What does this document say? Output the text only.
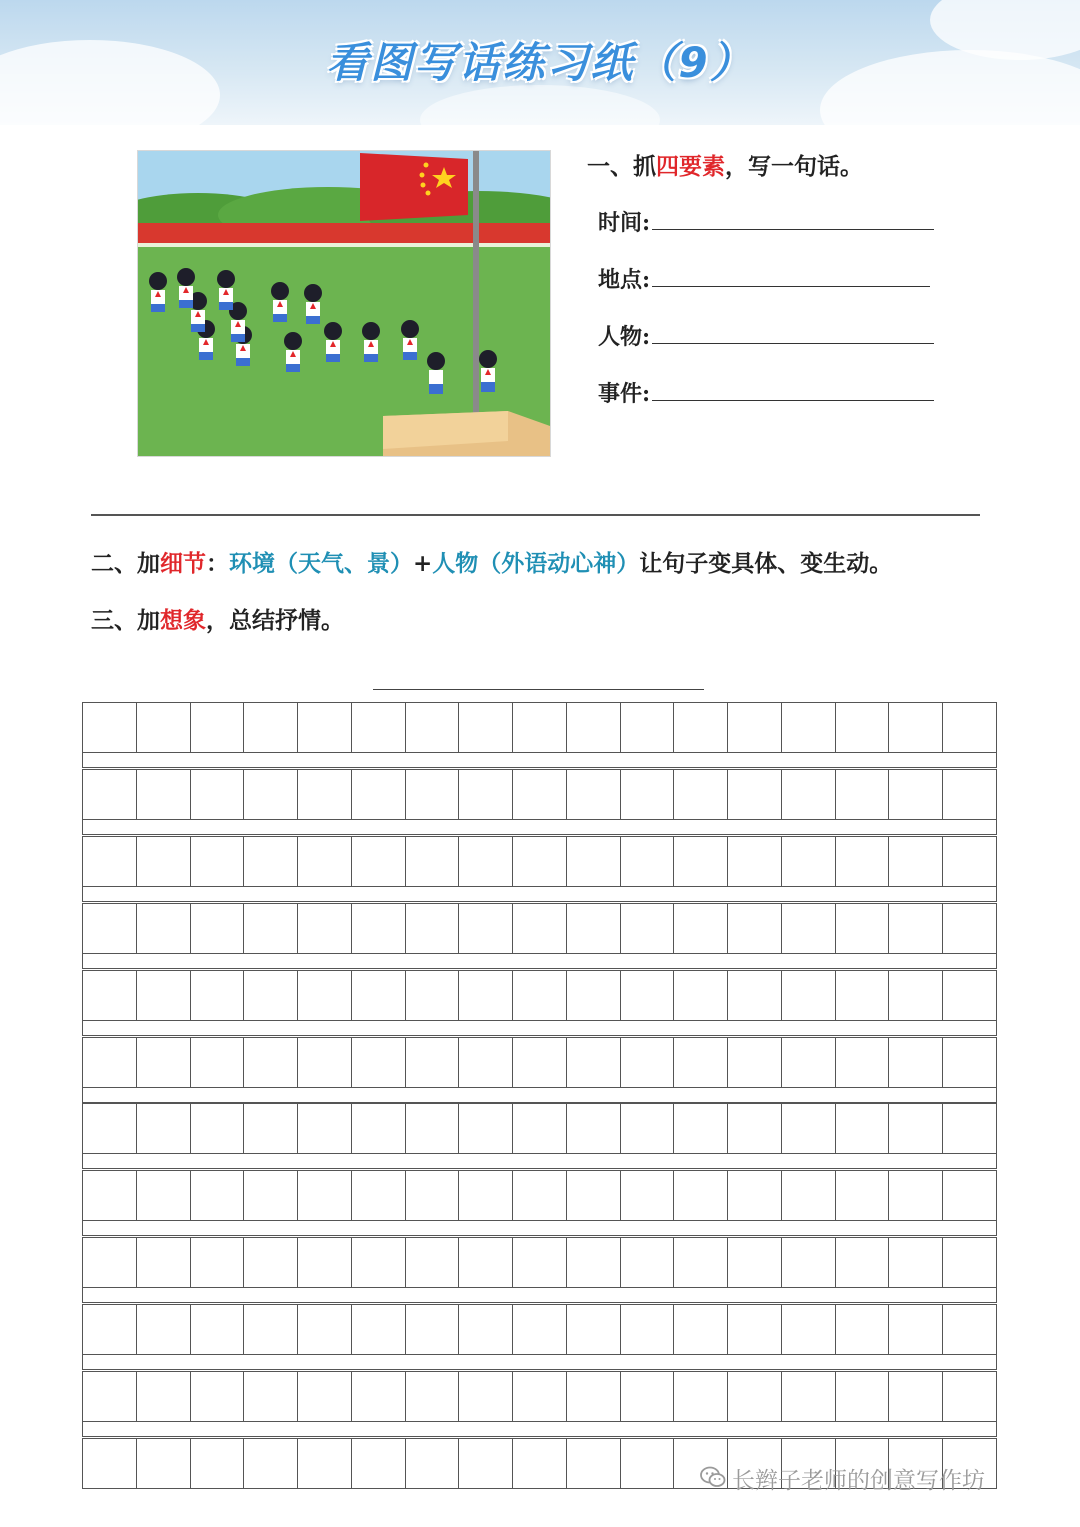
看图写话练习纸（9）
一、抓四要素，写一句话。
时间:
地点:
人物:
事件:
二、加细节：环境（天气、景）+人物（外语动心神）让句子变具体、变生动。
三、加想象，总结抒情。
长辫子老师的创意写作坊
